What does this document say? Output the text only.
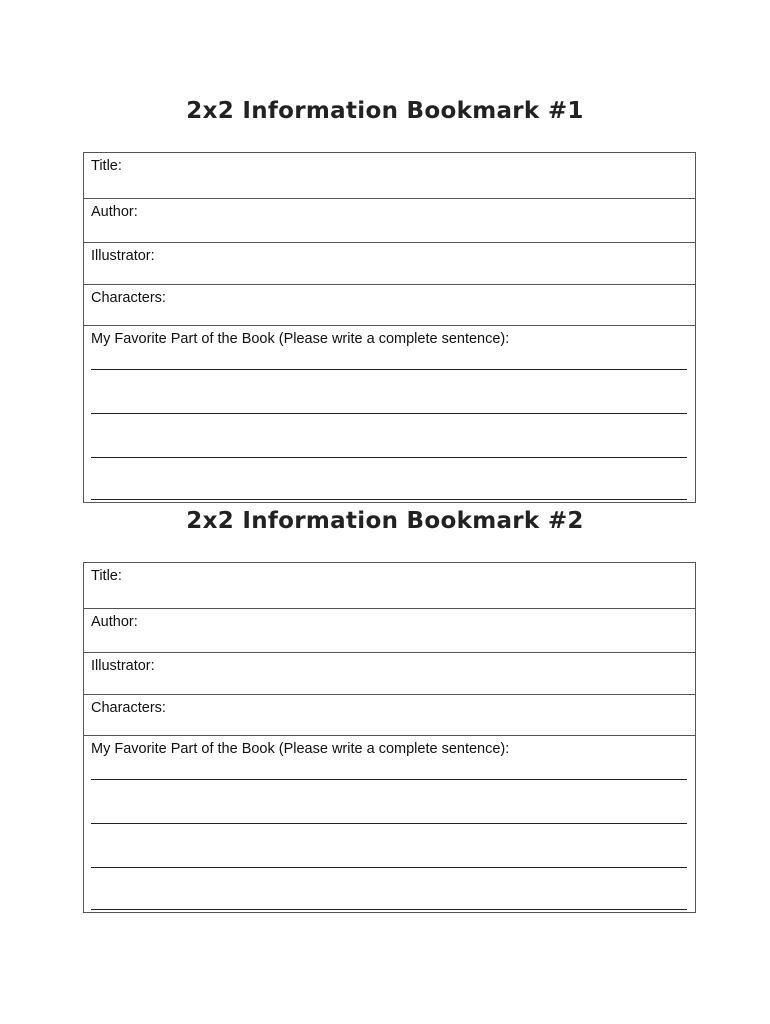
2x2 Information Bookmark #1
Title:
Author:
Illustrator:
Characters:
My Favorite Part of the Book (Please write a complete sentence):
2x2 Information Bookmark #2
Title:
Author:
Illustrator:
Characters:
My Favorite Part of the Book (Please write a complete sentence):
